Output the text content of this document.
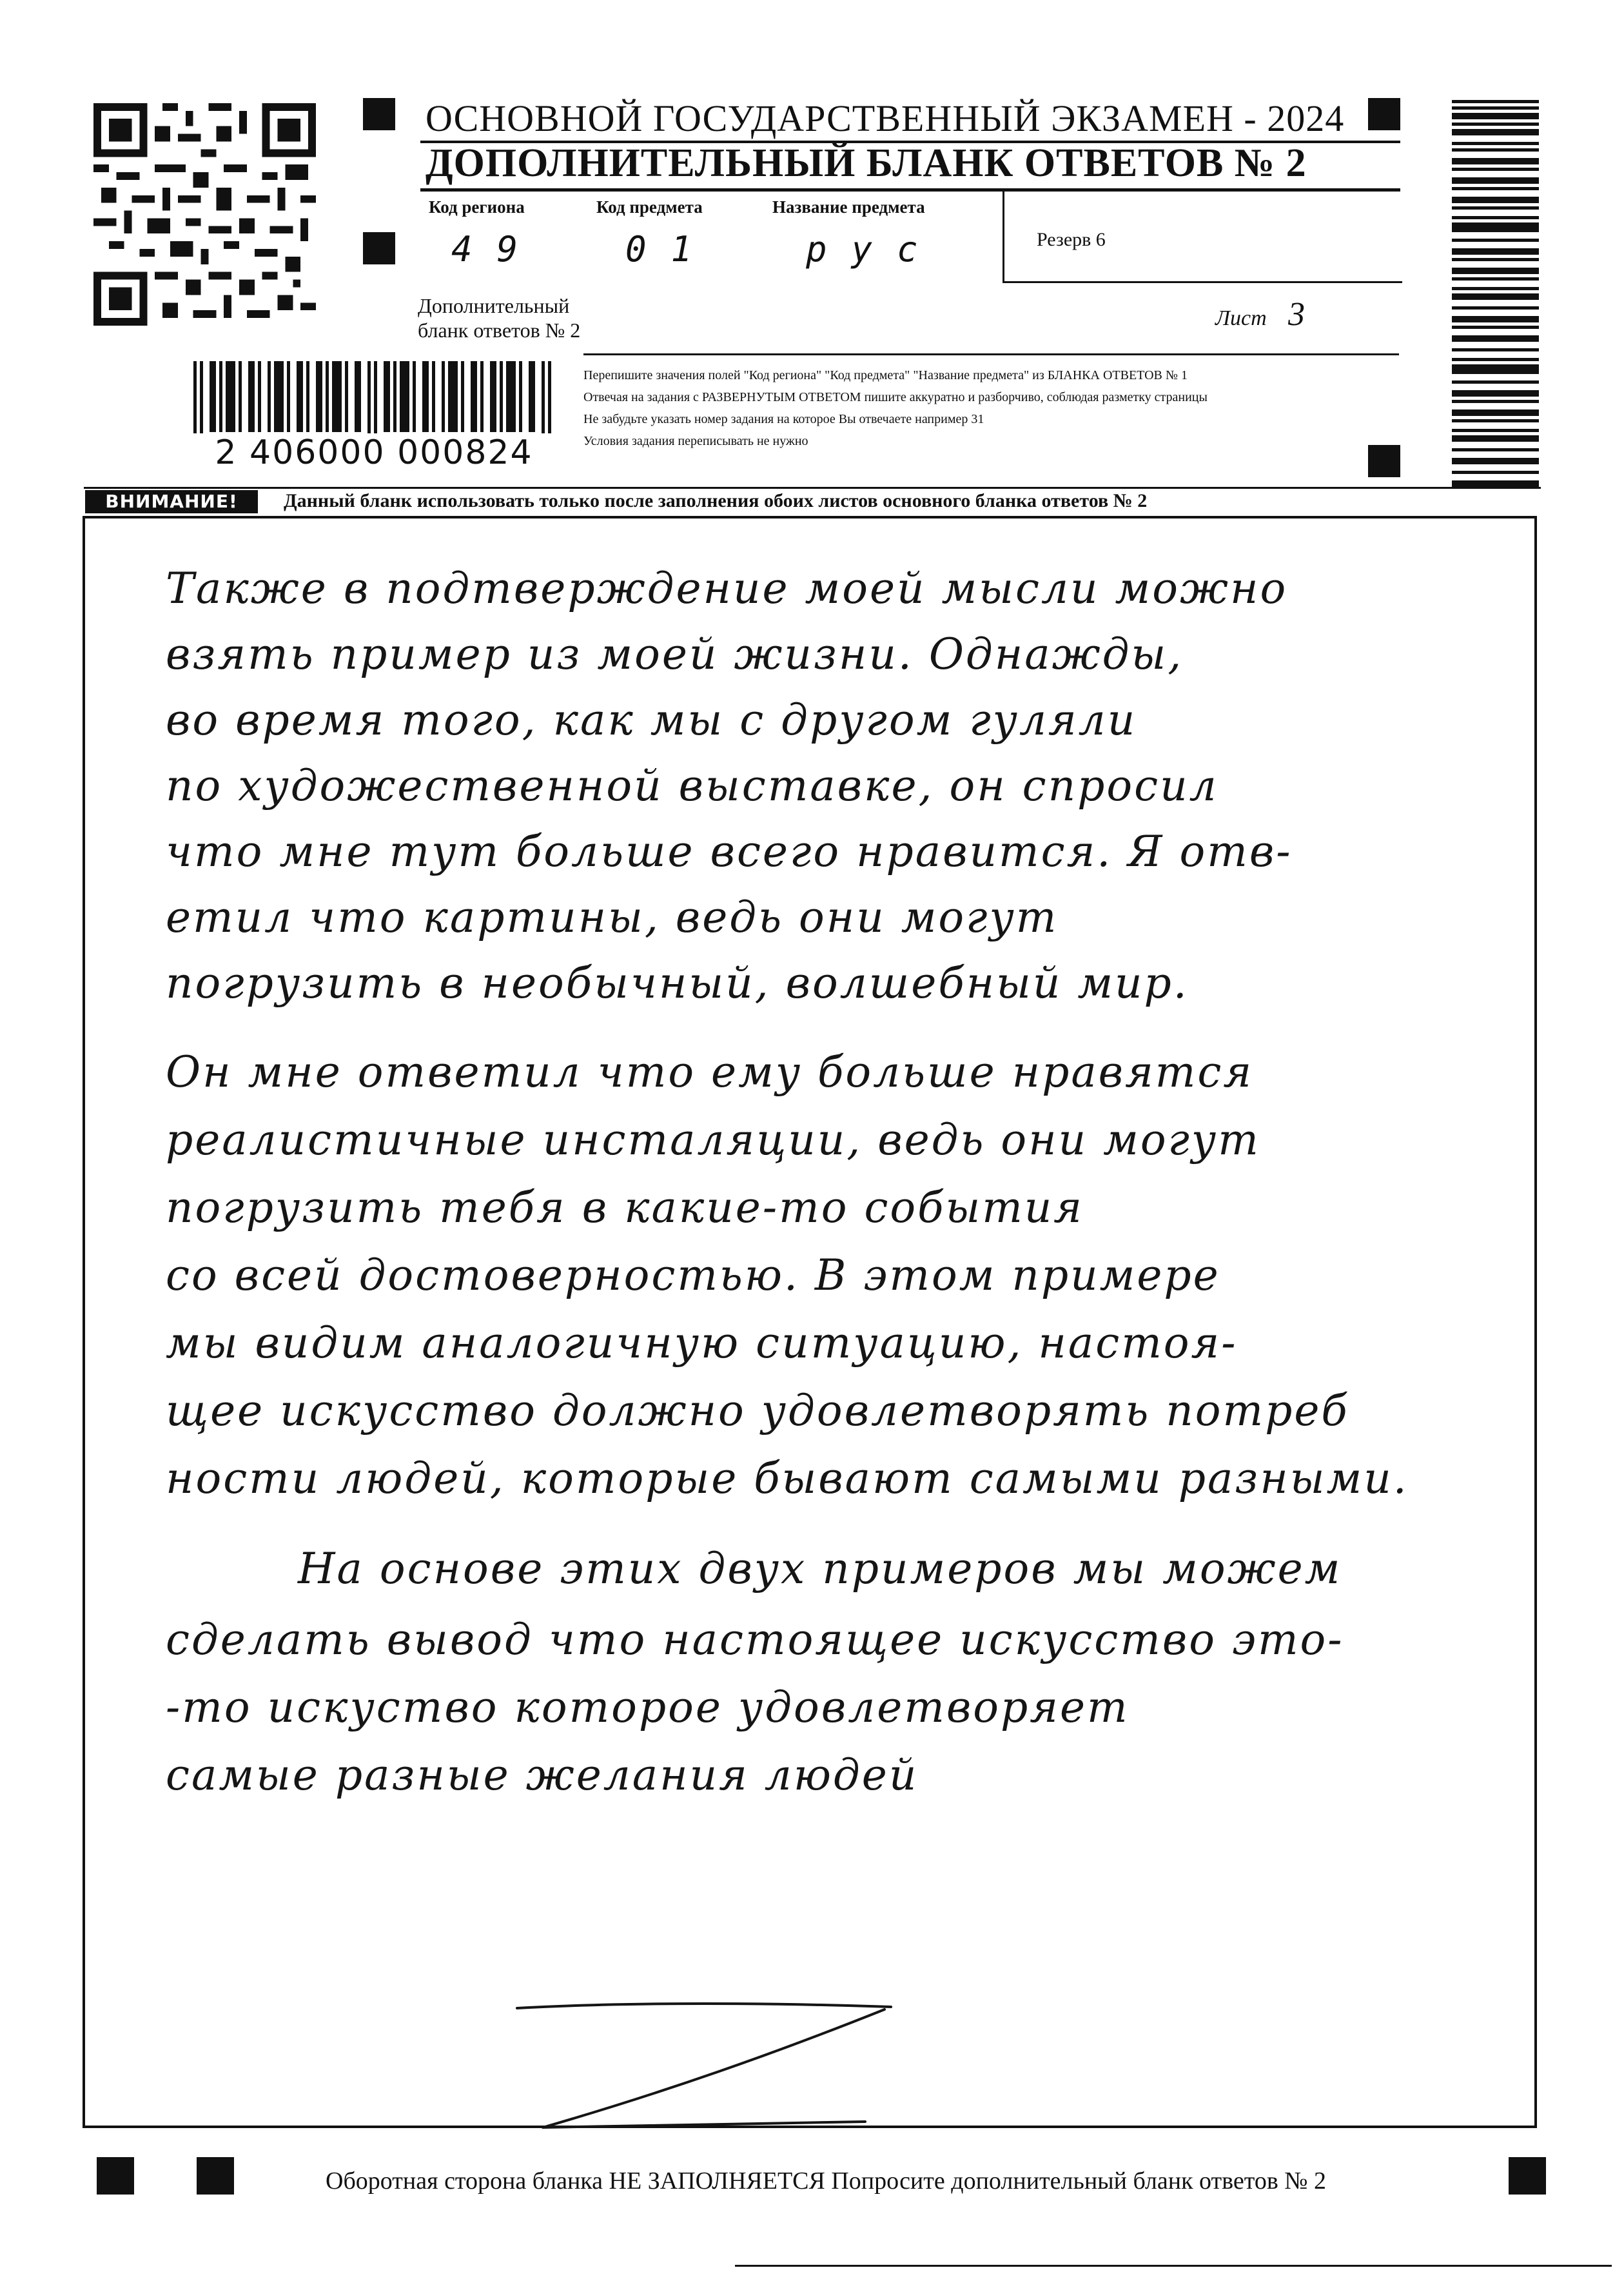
ОСНОВНОЙ ГОСУДАРСТВЕННЫЙ ЭКЗАМЕН - 2024
ДОПОЛНИТЕЛЬНЫЙ БЛАНК ОТВЕТОВ № 2
Код региона
49
Код предмета
01
Название предмета
рус	Резерв 6
Дополнительный
бланк ответов № 2	Лист 3
Перепишите значения полей "Код региона" "Код предмета" "Название предмета" из БЛАНКА ОТВЕТОВ № 1
Отвечая на задания с РАЗВЕРНУТЫМ ОТВЕТОМ пишите аккуратно и разборчиво, соблюдая разметку страницы
Не забудьте указать номер задания на которое Вы отвечаете например 31
Условия задания переписывать не нужно
2 406000 000824
ВНИМАНИЕ!	Данный бланк использовать только после заполнения обоих листов основного бланка ответов № 2
Также в подтверждение моей мысли можно
взять пример из моей жизни. Однажды,
во время того, как мы с другом гуляли
по художественной выставке, он спросил
что мне тут больше всего нравится. Я отв-
етил что картины, ведь они могут
погрузить в необычный, волшебный мир.
Он мне ответил что ему больше нравятся
реалистичные инсталяции, ведь они могут
погрузить тебя в какие-то события
со всей достоверностью. В этом примере
мы видим аналогичную ситуацию, настоя-
щее искусство должно удовлетворять потреб
ности людей, которые бывают самыми разными.
На основе этих двух примеров мы можем
сделать вывод что настоящее искусство это-
-то искуство которое удовлетворяет
самые разные желания людей
Оборотная сторона бланка НЕ ЗАПОЛНЯЕТСЯ Попросите дополнительный бланк ответов № 2
